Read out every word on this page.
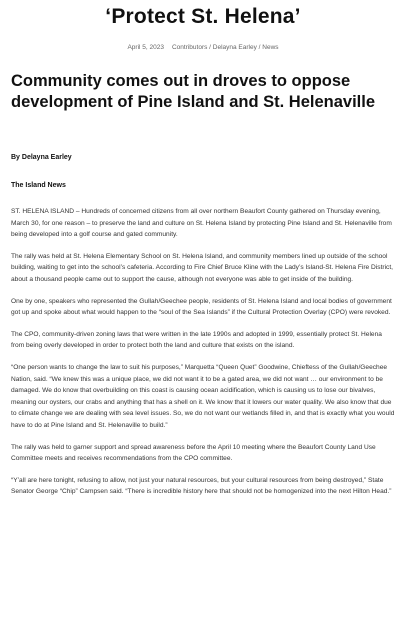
‘Protect St. Helena’
April 5, 2023 Contributors / Delayna Earley / News
Community comes out in droves to oppose development of Pine Island and St. Helenaville
By Delayna Earley
The Island News

ST. HELENA ISLAND – Hundreds of concerned citizens from all over northern Beaufort County gathered on Thursday evening, March 30, for one reason – to preserve the land and culture on St. Helena Island by protecting Pine Island and St. Helenaville from being developed into a golf course and gated community.

The rally was held at St. Helena Elementary School on St. Helena Island, and community members lined up outside of the school building, waiting to get into the school’s cafeteria. According to Fire Chief Bruce Kline with the Lady’s Island-St. Helena Fire District, about a thousand people came out to support the cause, although not everyone was able to get inside of the building.

One by one, speakers who represented the Gullah/Geechee people, residents of St. Helena Island and local bodies of government got up and spoke about what would happen to the “soul of the Sea Islands” if the Cultural Protection Overlay (CPO) were revoked.

The CPO, community-driven zoning laws that were written in the late 1990s and adopted in 1999, essentially protect St. Helena from being overly developed in order to protect both the land and culture that exists on the island.

“One person wants to change the law to suit his purposes,” Marquetta “Queen Quet” Goodwine, Chieftess of the Gullah/Geechee Nation, said. “We knew this was a unique place, we did not want it to be a gated area, we did not want … our environment to be damaged. We do know that overbuilding on this coast is causing ocean acidification, which is causing us to lose our bivalves, meaning our oysters, our crabs and anything that has a shell on it. We know that it lowers our water quality. We also know that due to climate change we are dealing with sea level issues. So, we do not want our wetlands filled in, and that is exactly what you would have to do at Pine Island and St. Helenaville to build.”

The rally was held to garner support and spread awareness before the April 10 meeting where the Beaufort County Land Use Committee meets and receives recommendations from the CPO committee.

“Y’all are here tonight, refusing to allow, not just your natural resources, but your cultural resources from being destroyed,” State Senator George “Chip” Campsen said. “There is incredible history here that should not be homogenized into the next Hilton Head.”
